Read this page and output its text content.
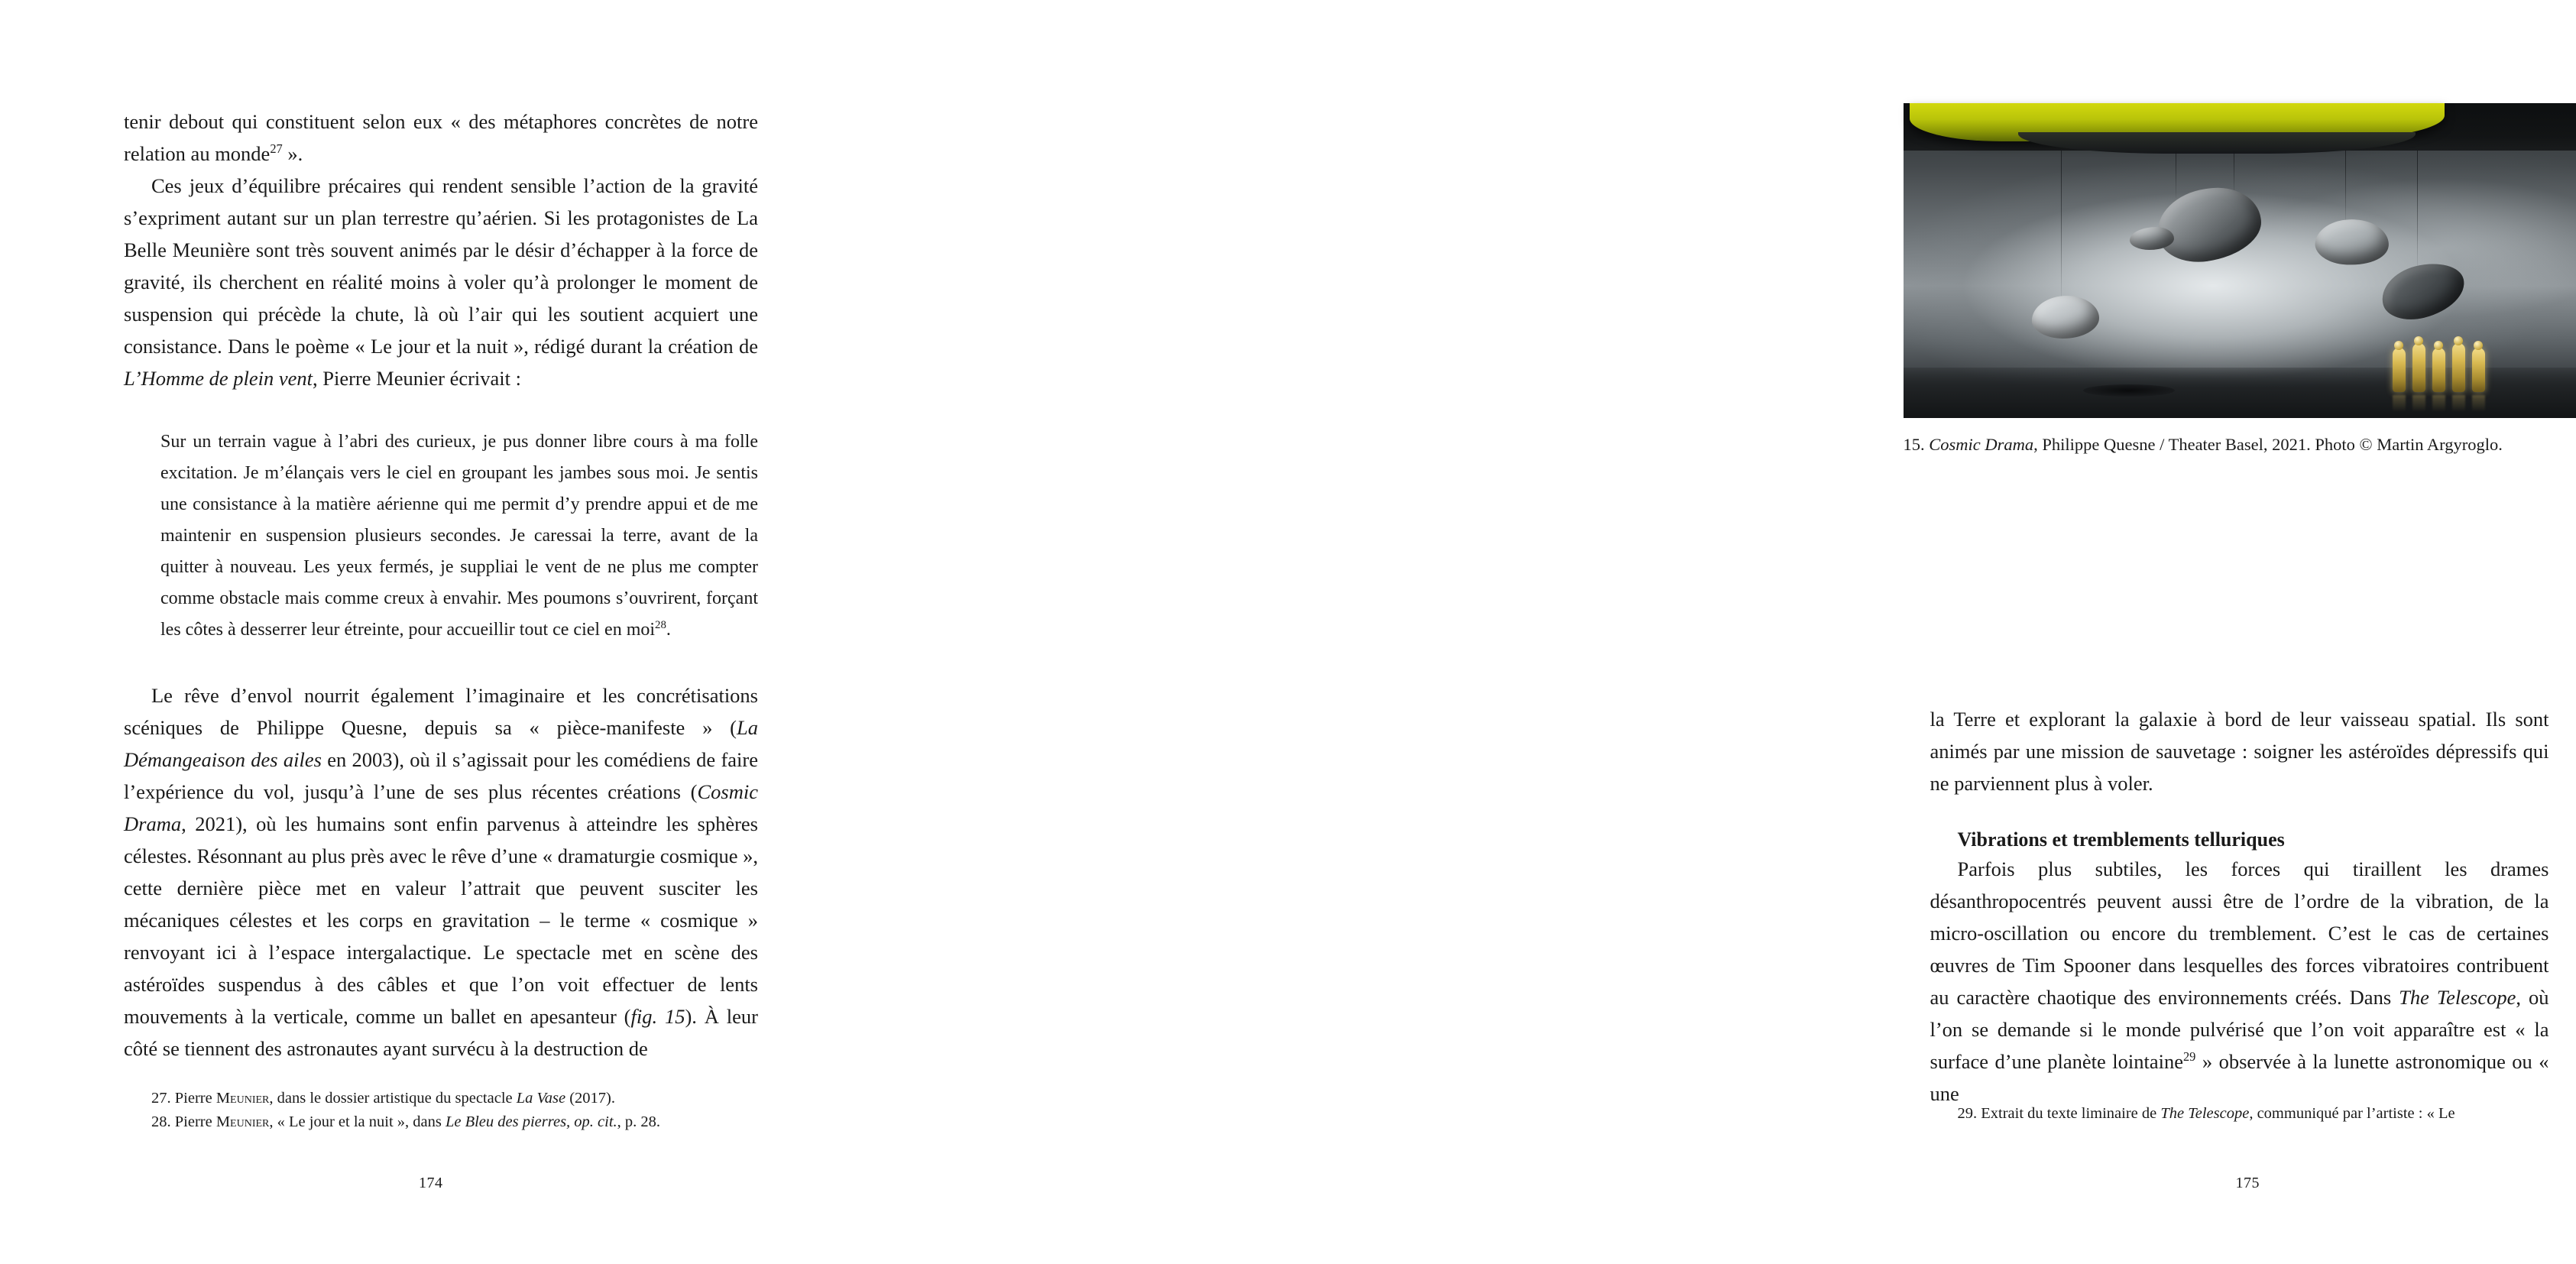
tenir debout qui constituent selon eux « des métaphores concrètes de notre relation au monde$^{27}$ ».

Ces jeux d’équilibre précaires qui rendent sensible l’action de la gravité s’expriment autant sur un plan terrestre qu’aérien. Si les protagonistes de La Belle Meunière sont très souvent animés par le désir d’échapper à la force de gravité, ils cherchent en réalité moins à voler qu’à prolonger le moment de suspension qui précède la chute, là où l’air qui les soutient acquiert une consistance. Dans le poème « Le jour et la nuit », rédigé durant la création de L’Homme de plein vent, Pierre Meunier écrivait :

Sur un terrain vague à l’abri des curieux, je pus donner libre cours à ma folle excitation. Je m’élançais vers le ciel en groupant les jambes sous moi. Je sentis une consistance à la matière aérienne qui me permit d’y prendre appui et de me maintenir en suspension plusieurs secondes. Je caressai la terre, avant de la quitter à nouveau. Les yeux fermés, je suppliai le vent de ne plus me compter comme obstacle mais comme creux à envahir. Mes poumons s’ouvrirent, forçant les côtes à desserrer leur étreinte, pour accueillir tout ce ciel en moi$^{28}$.

Le rêve d’envol nourrit également l’imaginaire et les concrétisations scéniques de Philippe Quesne, depuis sa « pièce-manifeste » (La Démangeaison des ailes en 2003), où il s’agissait pour les comédiens de faire l’expérience du vol, jusqu’à l’une de ses plus récentes créations (Cosmic Drama, 2021), où les humains sont enfin parvenus à atteindre les sphères célestes. Résonnant au plus près avec le rêve d’une « dramaturgie cosmique », cette dernière pièce met en valeur l’attrait que peuvent susciter les mécaniques célestes et les corps en gravitation – le terme « cosmique » renvoyant ici à l’espace intergalactique. Le spectacle met en scène des astéroïdes suspendus à des câbles et que l’on voit effectuer de lents mouvements à la verticale, comme un ballet en apesanteur (fig. 15). À leur côté se tiennent des astronautes ayant survécu à la destruction de

27. Pierre Meunier, dans le dossier artistique du spectacle La Vase (2017).

28. Pierre Meunier, « Le jour et la nuit », dans Le Bleu des pierres, op. cit., p. 28.

174
15. Cosmic Drama, Philippe Quesne / Theater Basel, 2021. Photo © Martin Argyroglo.

la Terre et explorant la galaxie à bord de leur vaisseau spatial. Ils sont animés par une mission de sauvetage : soigner les astéroïdes dépressifs qui ne parviennent plus à voler.

Vibrations et tremblements telluriques

Parfois plus subtiles, les forces qui tiraillent les drames désanthropocentrés peuvent aussi être de l’ordre de la vibration, de la micro-oscillation ou encore du tremblement. C’est le cas de certaines œuvres de Tim Spooner dans lesquelles des forces vibratoires contribuent au caractère chaotique des environnements créés. Dans The Telescope, où l’on se demande si le monde pulvérisé que l’on voit apparaître est « la surface d’une planète lointaine$^{29}$ » observée à la lunette astronomique ou « une

29. Extrait du texte liminaire de The Telescope, communiqué par l’artiste : « Le

175
